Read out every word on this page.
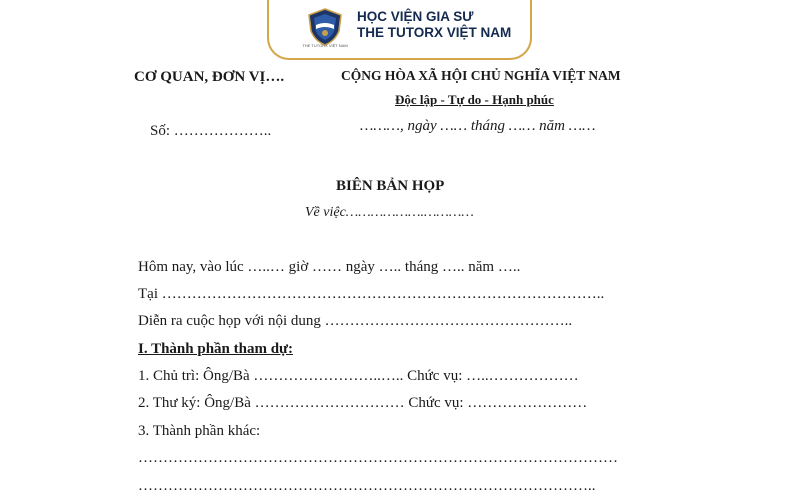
THE TUTORX VIỆT NAM
HỌC VIỆN GIA SƯ
THE TUTORX VIỆT NAM
CƠ QUAN, ĐƠN VỊ….
Số: ………………..
CỘNG HÒA XÃ HỘI CHỦ NGHĨA VIỆT NAM
Độc lập - Tự do - Hạnh phúc
………, ngày …… tháng …… năm ……
BIÊN BẢN HỌP
Về việc……………….…………
Hôm nay, vào lúc …..… giờ …… ngày ….. tháng ….. năm …..
Tại ……………………………………………………………………………..
Diễn ra cuộc họp với nội dung …………………………………………..
I. Thành phần tham dự:
1. Chủ trì: Ông/Bà ……………………..….. Chức vụ: …..………………
2. Thư ký: Ông/Bà ………………………… Chức vụ: ……………………
3. Thành phần khác:
……………………………………………………………………………………
………………………………………………………………………………..
